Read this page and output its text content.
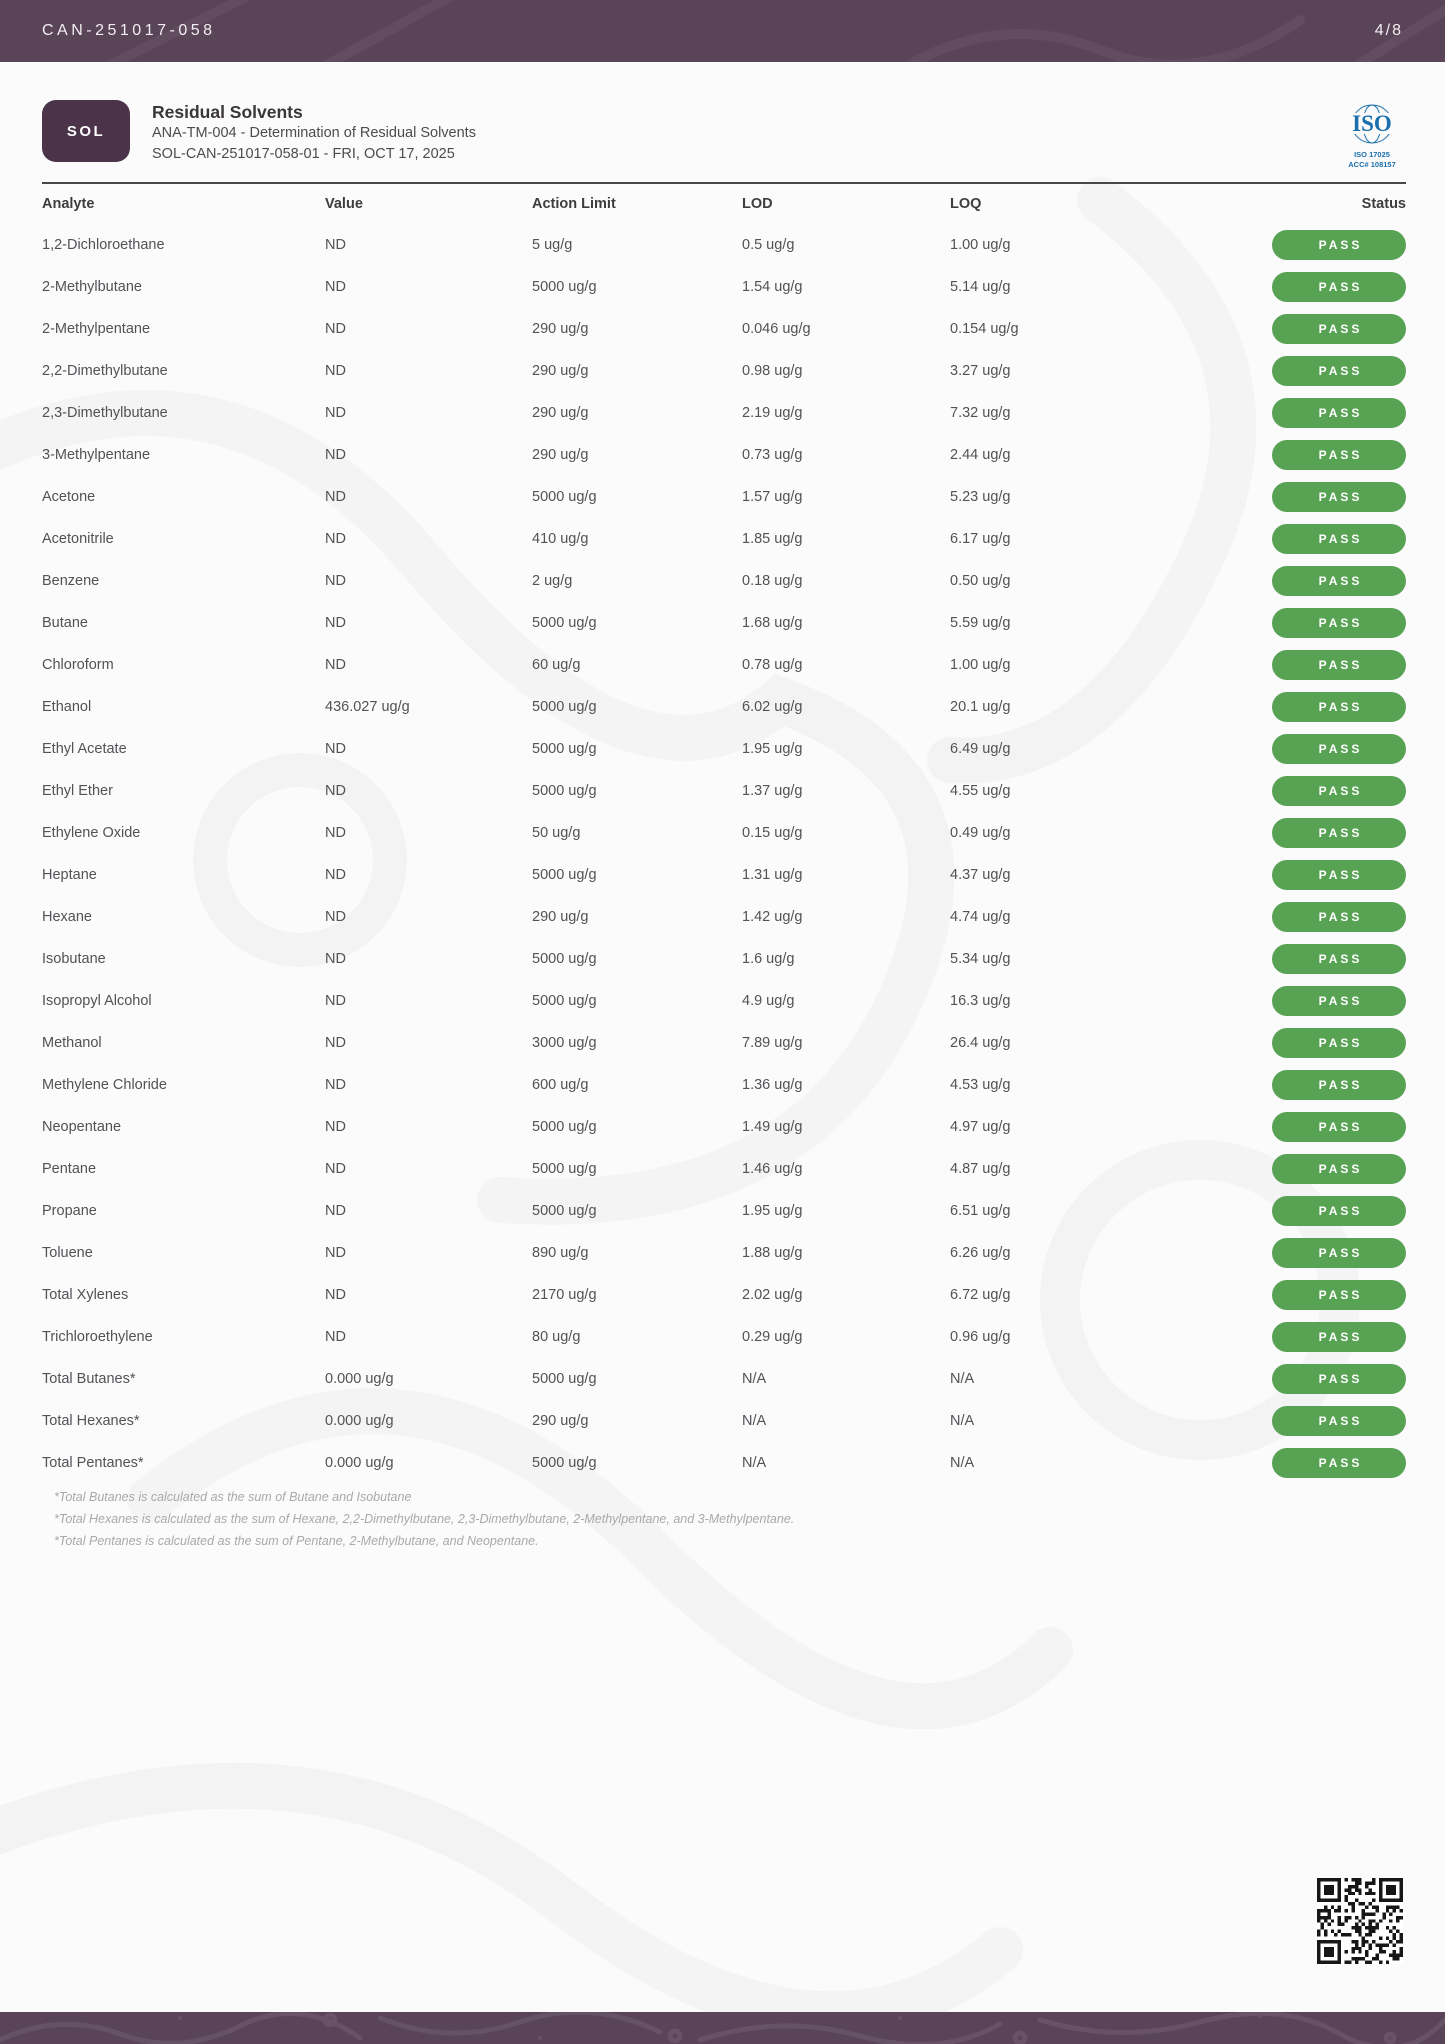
CAN-251017-058	4/8
SOL
Residual Solvents
ANA-TM-004 - Determination of Residual Solvents
SOL-CAN-251017-058-01 - FRI, OCT 17, 2025
ISO
ISO 17025
ACC# 108157
Analyte	Value	Action Limit	LOD	LOQ	Status
1,2-Dichloroethane	ND	5 ug/g	0.5 ug/g	1.00 ug/g	PASS
2-Methylbutane	ND	5000 ug/g	1.54 ug/g	5.14 ug/g	PASS
2-Methylpentane	ND	290 ug/g	0.046 ug/g	0.154 ug/g	PASS
2,2-Dimethylbutane	ND	290 ug/g	0.98 ug/g	3.27 ug/g	PASS
2,3-Dimethylbutane	ND	290 ug/g	2.19 ug/g	7.32 ug/g	PASS
3-Methylpentane	ND	290 ug/g	0.73 ug/g	2.44 ug/g	PASS
Acetone	ND	5000 ug/g	1.57 ug/g	5.23 ug/g	PASS
Acetonitrile	ND	410 ug/g	1.85 ug/g	6.17 ug/g	PASS
Benzene	ND	2 ug/g	0.18 ug/g	0.50 ug/g	PASS
Butane	ND	5000 ug/g	1.68 ug/g	5.59 ug/g	PASS
Chloroform	ND	60 ug/g	0.78 ug/g	1.00 ug/g	PASS
Ethanol	436.027 ug/g	5000 ug/g	6.02 ug/g	20.1 ug/g	PASS
Ethyl Acetate	ND	5000 ug/g	1.95 ug/g	6.49 ug/g	PASS
Ethyl Ether	ND	5000 ug/g	1.37 ug/g	4.55 ug/g	PASS
Ethylene Oxide	ND	50 ug/g	0.15 ug/g	0.49 ug/g	PASS
Heptane	ND	5000 ug/g	1.31 ug/g	4.37 ug/g	PASS
Hexane	ND	290 ug/g	1.42 ug/g	4.74 ug/g	PASS
Isobutane	ND	5000 ug/g	1.6 ug/g	5.34 ug/g	PASS
Isopropyl Alcohol	ND	5000 ug/g	4.9 ug/g	16.3 ug/g	PASS
Methanol	ND	3000 ug/g	7.89 ug/g	26.4 ug/g	PASS
Methylene Chloride	ND	600 ug/g	1.36 ug/g	4.53 ug/g	PASS
Neopentane	ND	5000 ug/g	1.49 ug/g	4.97 ug/g	PASS
Pentane	ND	5000 ug/g	1.46 ug/g	4.87 ug/g	PASS
Propane	ND	5000 ug/g	1.95 ug/g	6.51 ug/g	PASS
Toluene	ND	890 ug/g	1.88 ug/g	6.26 ug/g	PASS
Total Xylenes	ND	2170 ug/g	2.02 ug/g	6.72 ug/g	PASS
Trichloroethylene	ND	80 ug/g	0.29 ug/g	0.96 ug/g	PASS
Total Butanes*	0.000 ug/g	5000 ug/g	N/A	N/A	PASS
Total Hexanes*	0.000 ug/g	290 ug/g	N/A	N/A	PASS
Total Pentanes*	0.000 ug/g	5000 ug/g	N/A	N/A	PASS
*Total Butanes is calculated as the sum of Butane and Isobutane
*Total Hexanes is calculated as the sum of Hexane, 2,2-Dimethylbutane, 2,3-Dimethylbutane, 2-Methylpentane, and 3-Methylpentane.
*Total Pentanes is calculated as the sum of Pentane, 2-Methylbutane, and Neopentane.
